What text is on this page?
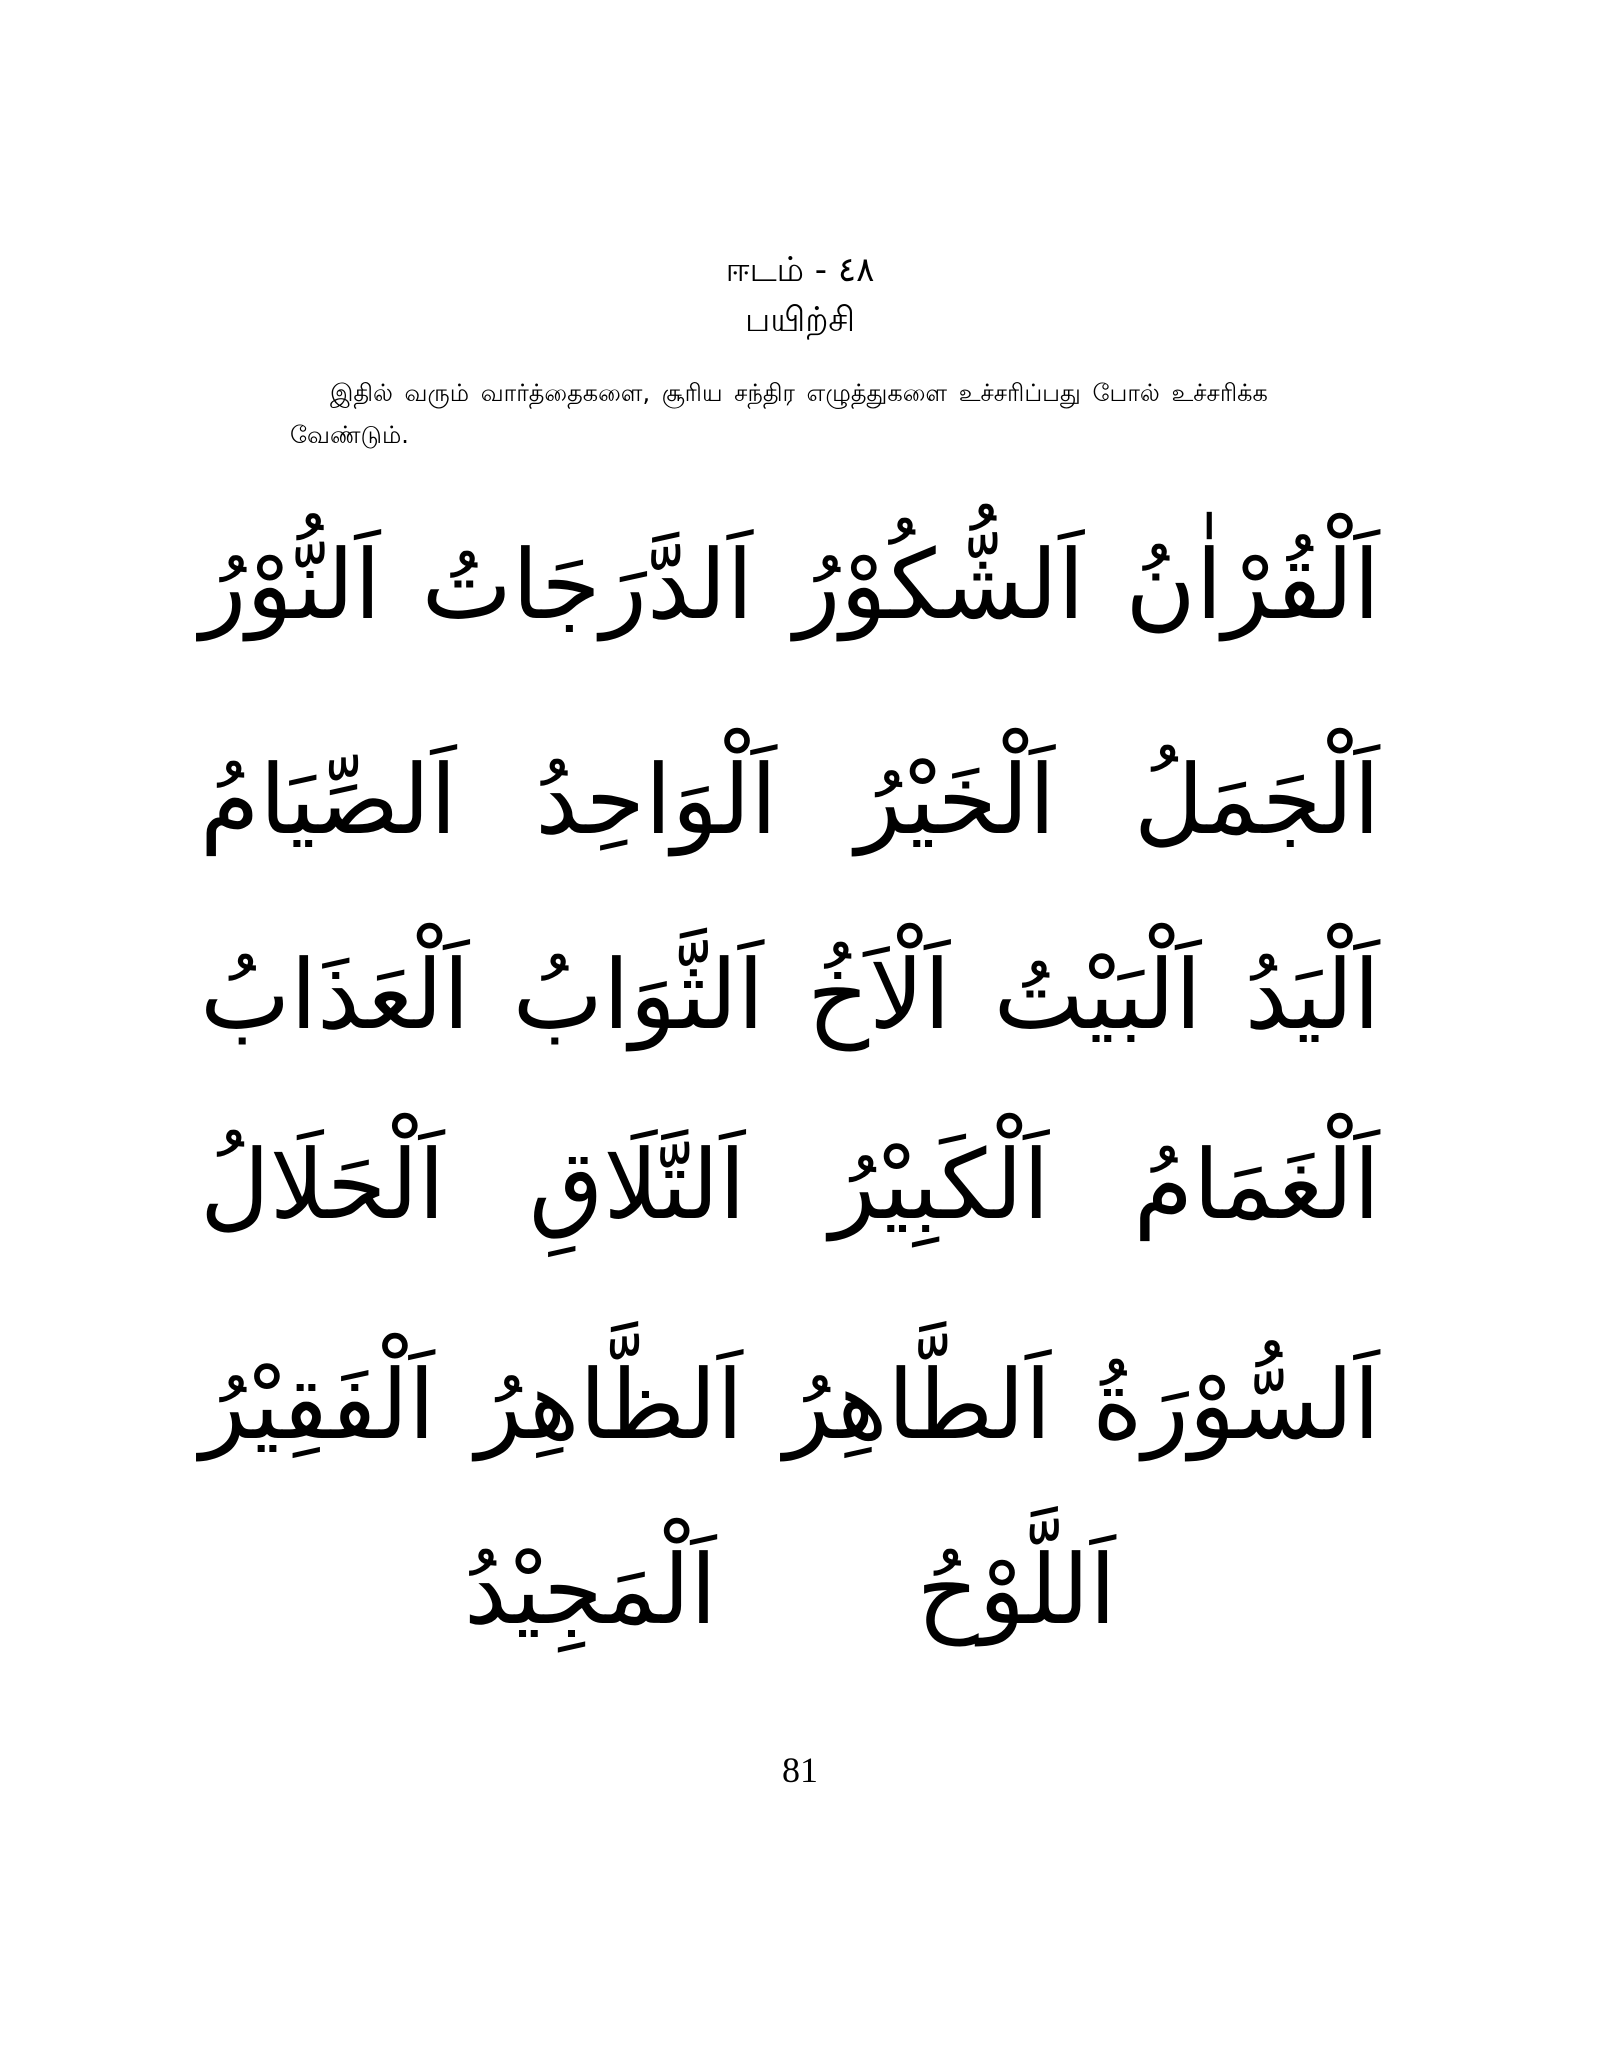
ஈடம் - ٤٨
பயிற்சி
இதில் வரும் வார்த்தைகளை, சூரிய சந்திர எழுத்துகளை உச்சரிப்பது போல் உச்சரிக்க வேண்டும்.
اَلْقُرْاٰنُ
اَلشُّكُوْرُ
اَلدَّرَجَاتُ
اَلنُّوْرُ
اَلْجَمَلُ
اَلْخَيْرُ
اَلْوَاحِدُ
اَلصِّيَامُ
اَلْيَدُ
اَلْبَيْتُ
اَلْاَخُ
اَلثَّوَابُ
اَلْعَذَابُ
اَلْغَمَامُ
اَلْكَبِيْرُ
اَلتَّلَاقِ
اَلْحَلَالُ
اَلسُّوْرَةُ
اَلطَّاهِرُ
اَلظَّاهِرُ
اَلْفَقِيْرُ
اَللَّوْحُ
اَلْمَجِيْدُ
81
